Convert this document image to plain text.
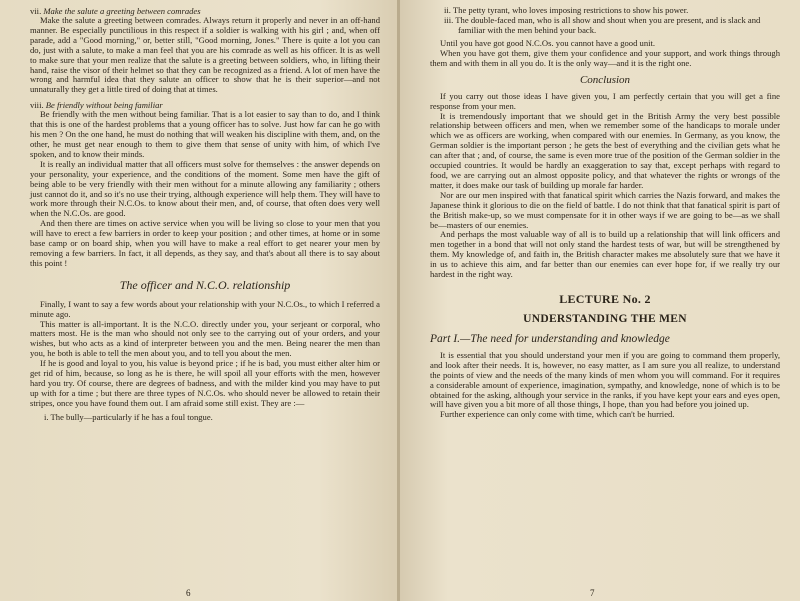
vii. Make the salute a greeting between comrades

Make the salute a greeting between comrades. Always return it properly and never in an off-hand manner. Be especially punctilious in this respect if a soldier is walking with his girl ; and, when off parade, add a "Good morning," or, better still, "Good morning, Jones." There is quite a lot you can do, just with a salute, to make a man feel that you are his comrade as well as his officer. It is as well to make sure that your men realize that the salute is a greeting between soldiers, who, in lifting their hand, raise the visor of their helmet so that they can be recognized as a friend. A lot of men have the wrong and harmful idea that they salute an officer to show that he is their superior—and not unnaturally they get a little tired of doing that at times.

viii. Be friendly without being familiar

Be friendly with the men without being familiar. That is a lot easier to say than to do, and I think that this is one of the hardest problems that a young officer has to solve. Just how far can he go with his men ? On the one hand, he must do nothing that will weaken his discipline with them, and, on the other, he must get near enough to them to give them that sense of unity with him, of which I've spoken, and to know their minds.

It is really an individual matter that all officers must solve for themselves : the answer depends on your personality, your experience, and the conditions of the moment. Some men have the gift of being able to be very friendly with their men without for a minute allowing any familiarity ; others just cannot do it, and so it's no use their trying, although experience will help them. They will have to work more through their N.C.Os. to know about their men, and, of course, that often does very well when the N.C.Os. are good.

And then there are times on active service when you will be living so close to your men that you will have to erect a few barriers in order to keep your position ; and other times, at home or in some base camp or on board ship, when you will have to make a real effort to get nearer your men by removing a few barriers. In fact, it all depends, as they say, and that's about all there is to say about this point !

The officer and N.C.O. relationship

Finally, I want to say a few words about your relationship with your N.C.Os., to which I referred a minute ago.

This matter is all-important. It is the N.C.O. directly under you, your serjeant or corporal, who matters most. He is the man who should not only see to the carrying out of your orders, and your wishes, but who acts as a kind of interpreter between you and the men. Being nearer the men than you, he both is able to tell the men about you, and to tell you about the men.

If he is good and loyal to you, his value is beyond price ; if he is bad, you must either alter him or get rid of him, because, so long as he is there, he will spoil all your efforts with the men, however hard you try. Of course, there are degrees of badness, and with the milder kind you may have to put up with for a time ; but there are three types of N.C.Os. who should never be allowed to retain their stripes, once you have found them out. I am afraid some still exist. They are :—

i. The bully—particularly if he has a foul tongue.
6
ii. The petty tyrant, who loves imposing restrictions to show his power.
iii. The double-faced man, who is all show and shout when you are present, and is slack and familiar with the men behind your back.

Until you have got good N.C.Os. you cannot have a good unit.

When you have got them, give them your confidence and your support, and work things through them and with them in all you do. It is the only way—and it is the right one.

Conclusion

If you carry out those ideas I have given you, I am perfectly certain that you will get a fine response from your men.

It is tremendously important that we should get in the British Army the very best possible relationship between officers and men, when we remember some of the handicaps to morale under which we as officers are working, when compared with our enemies. In Germany, as you know, the German soldier is the important person ; he gets the best of everything and the civilian gets what he can after that ; and, of course, the same is even more true of the position of the German soldier in the occupied countries. It would be hardly an exaggeration to say that, except perhaps with regard to food, we are carrying out an almost opposite policy, and that whatever the rights or wrongs of the matter, it does make our task of building up morale far harder.

Nor are our men inspired with that fanatical spirit which carries the Nazis forward, and makes the Japanese think it glorious to die on the field of battle. I do not think that that fanatical spirit is part of the British make-up, so we must compensate for it in other ways if we are going to be—as we shall be—masters of our enemies.

And perhaps the most valuable way of all is to build up a relationship that will link officers and men together in a bond that will not only stand the hardest tests of war, but will be strengthened by them. My knowledge of, and faith in, the British character makes me absolutely sure that we have it in us to achieve this aim, and far better than our enemies can ever hope for, if we really try our hardest in the right way.

LECTURE No. 2
UNDERSTANDING THE MEN
Part I.—The need for understanding and knowledge

It is essential that you should understand your men if you are going to command them properly, and look after their needs. It is, however, no easy matter, as I am sure you all realize, to understand the points of view and the needs of the many kinds of men whom you will command. For it requires a considerable amount of experience, imagination, sympathy, and knowledge, none of which is to be obtained for the asking, although your service in the ranks, if you have kept your ears and eyes open, will have given you a bit more of all those things, I hope, than you had before you joined up.

Further experience can only come with time, which can't be hurried.

7
